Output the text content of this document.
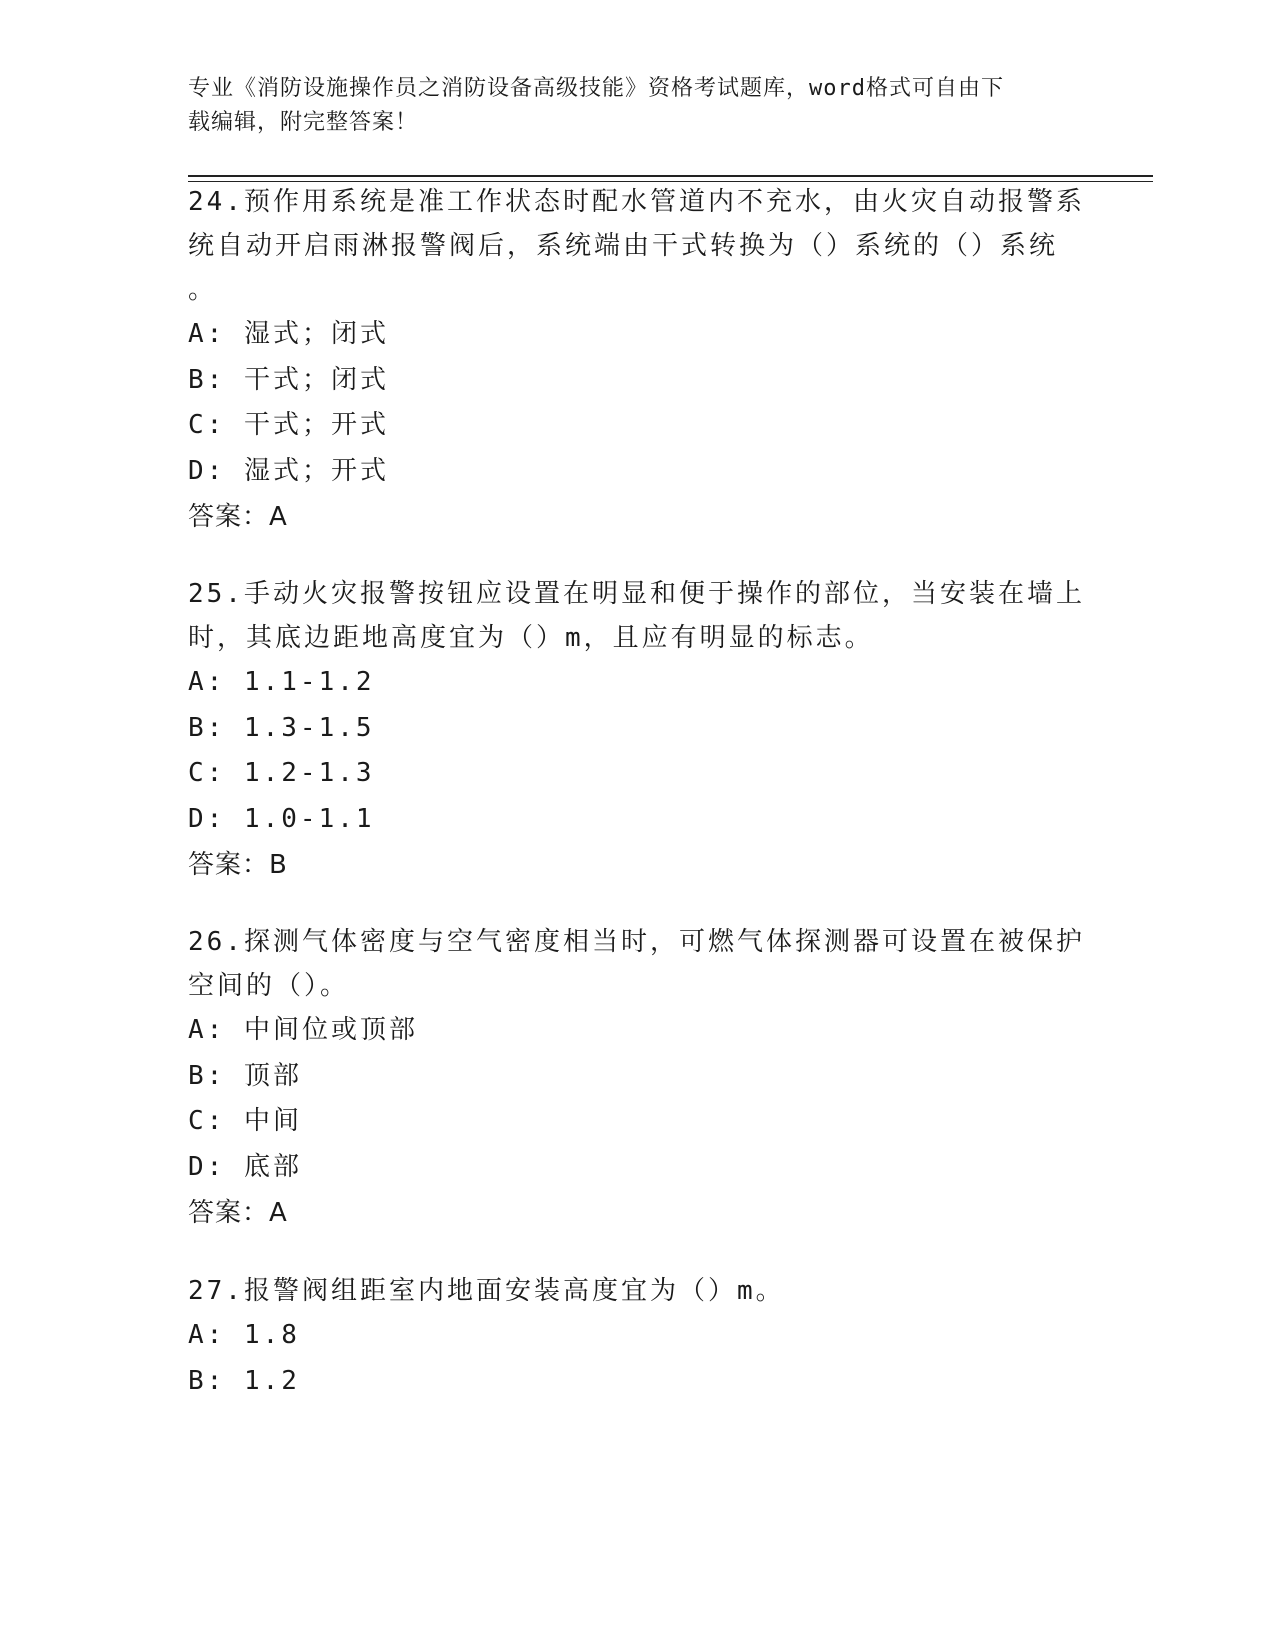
专业《消防设施操作员之消防设备高级技能》资格考试题库，word格式可自由下
载编辑，附完整答案！
24.预作用系统是准工作状态时配水管道内不充水，由火灾自动报警系
统自动开启雨淋报警阀后，系统端由干式转换为（）系统的（）系统
。
A: 湿式；闭式
B: 干式；闭式
C: 干式；开式
D: 湿式；开式
答案：A
25.手动火灾报警按钮应设置在明显和便于操作的部位，当安装在墙上
时，其底边距地高度宜为（）m，且应有明显的标志。
A: 1.1-1.2
B: 1.3-1.5
C: 1.2-1.3
D: 1.0-1.1
答案：B
26.探测气体密度与空气密度相当时，可燃气体探测器可设置在被保护
空间的（）。
A: 中间位或顶部
B: 顶部
C: 中间
D: 底部
答案：A
27.报警阀组距室内地面安装高度宜为（）m。
A: 1.8
B: 1.2
